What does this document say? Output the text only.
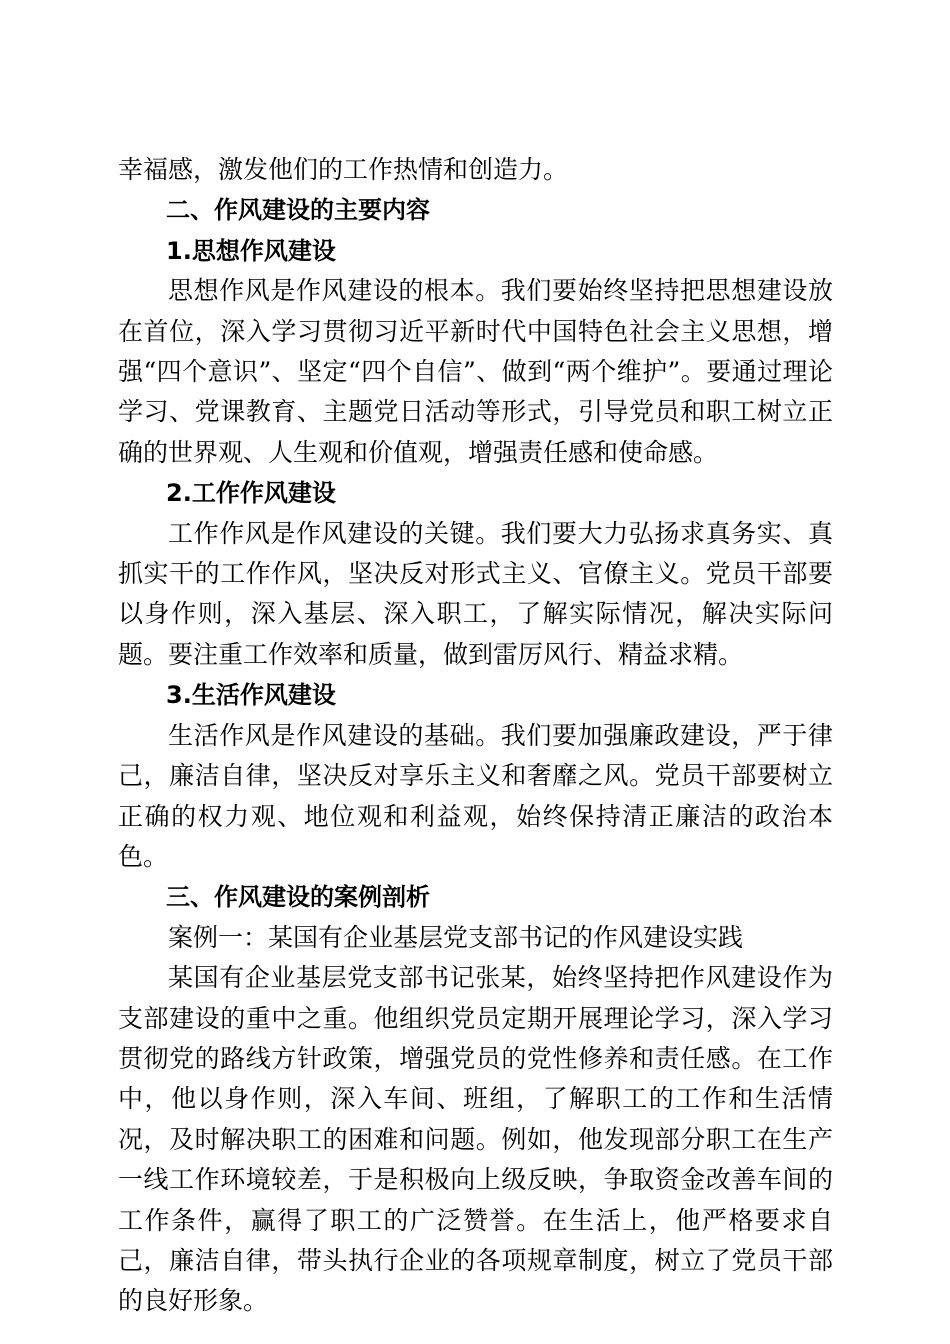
幸福感，激发他们的工作热情和创造力。

二、作风建设的主要内容

1.思想作风建设

思想作风是作风建设的根本。我们要始终坚持把思想建设放在首位，深入学习贯彻习近平新时代中国特色社会主义思想，增强“四个意识”、坚定“四个自信”、做到“两个维护”。要通过理论学习、党课教育、主题党日活动等形式，引导党员和职工树立正确的世界观、人生观和价值观，增强责任感和使命感。

2.工作作风建设

工作作风是作风建设的关键。我们要大力弘扬求真务实、真抓实干的工作作风，坚决反对形式主义、官僚主义。党员干部要以身作则，深入基层、深入职工，了解实际情况，解决实际问题。要注重工作效率和质量，做到雷厉风行、精益求精。

3.生活作风建设

生活作风是作风建设的基础。我们要加强廉政建设，严于律己，廉洁自律，坚决反对享乐主义和奢靡之风。党员干部要树立正确的权力观、地位观和利益观，始终保持清正廉洁的政治本色。

三、作风建设的案例剖析

案例一：某国有企业基层党支部书记的作风建设实践

某国有企业基层党支部书记张某，始终坚持把作风建设作为支部建设的重中之重。他组织党员定期开展理论学习，深入学习贯彻党的路线方针政策，增强党员的党性修养和责任感。在工作中，他以身作则，深入车间、班组，了解职工的工作和生活情况，及时解决职工的困难和问题。例如，他发现部分职工在生产一线工作环境较差，于是积极向上级反映，争取资金改善车间的工作条件，赢得了职工的广泛赞誉。在生活上，他严格要求自己，廉洁自律，带头执行企业的各项规章制度，树立了党员干部的良好形象。
